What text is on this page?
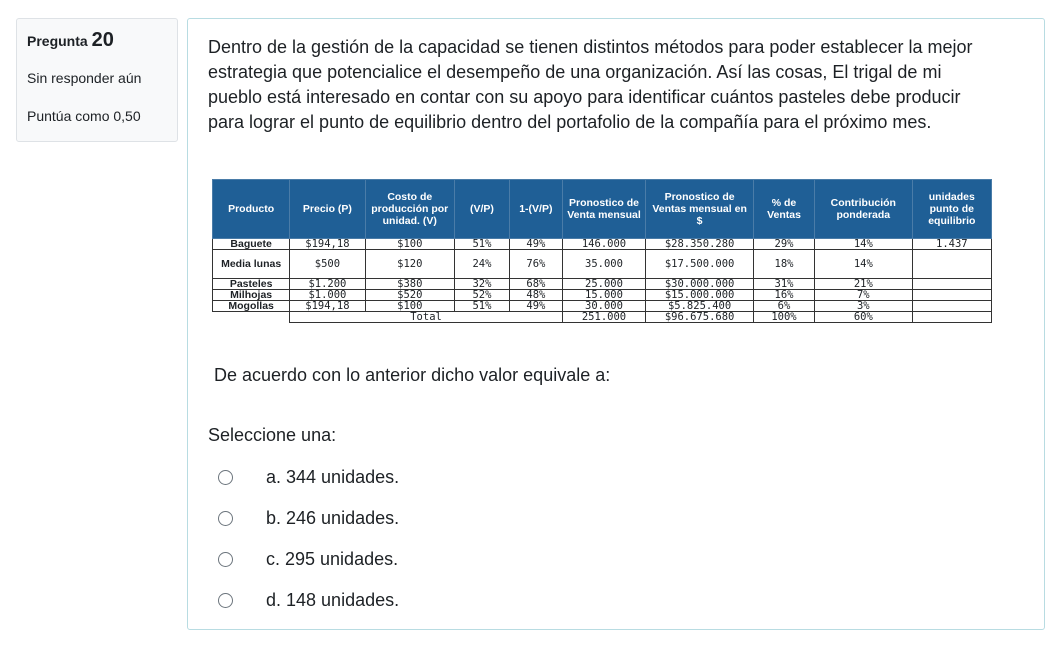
Pregunta 20
Sin responder aún
Puntúa como 0,50
Dentro de la gestión de la capacidad se tienen distintos métodos para poder establecer la mejor estrategia que potencialice el desempeño de una organización. Así las cosas, El trigal de mi pueblo está interesado en contar con su apoyo para identificar cuántos pasteles debe producir para lograr el punto de equilibrio dentro del portafolio de la compañía para el próximo mes.
Producto	Precio (P)	Costo de producción por unidad. (V)	(V/P)	1-(V/P)	Pronostico de Venta mensual	Pronostico de Ventas mensual en $	% de Ventas	Contribución ponderada	unidades punto de equilibrio
Baguete	$194,18	$100	51%	49%	146.000	$28.350.280	29%	14%	1.437
Media lunas	$500	$120	24%	76%	35.000	$17.500.000	18%	14%	
Pasteles	$1.200	$380	32%	68%	25.000	$30.000.000	31%	21%	
Milhojas	$1.000	$520	52%	48%	15.000	$15.000.000	16%	7%	
Mogollas	$194,18	$100	51%	49%	30.000	$5.825.400	6%	3%	
	Total				251.000	$96.675.680	100%	60%	
De acuerdo con lo anterior dicho valor equivale a:
Seleccione una:
a. 344 unidades.
b. 246 unidades.
c. 295 unidades.
d. 148 unidades.
